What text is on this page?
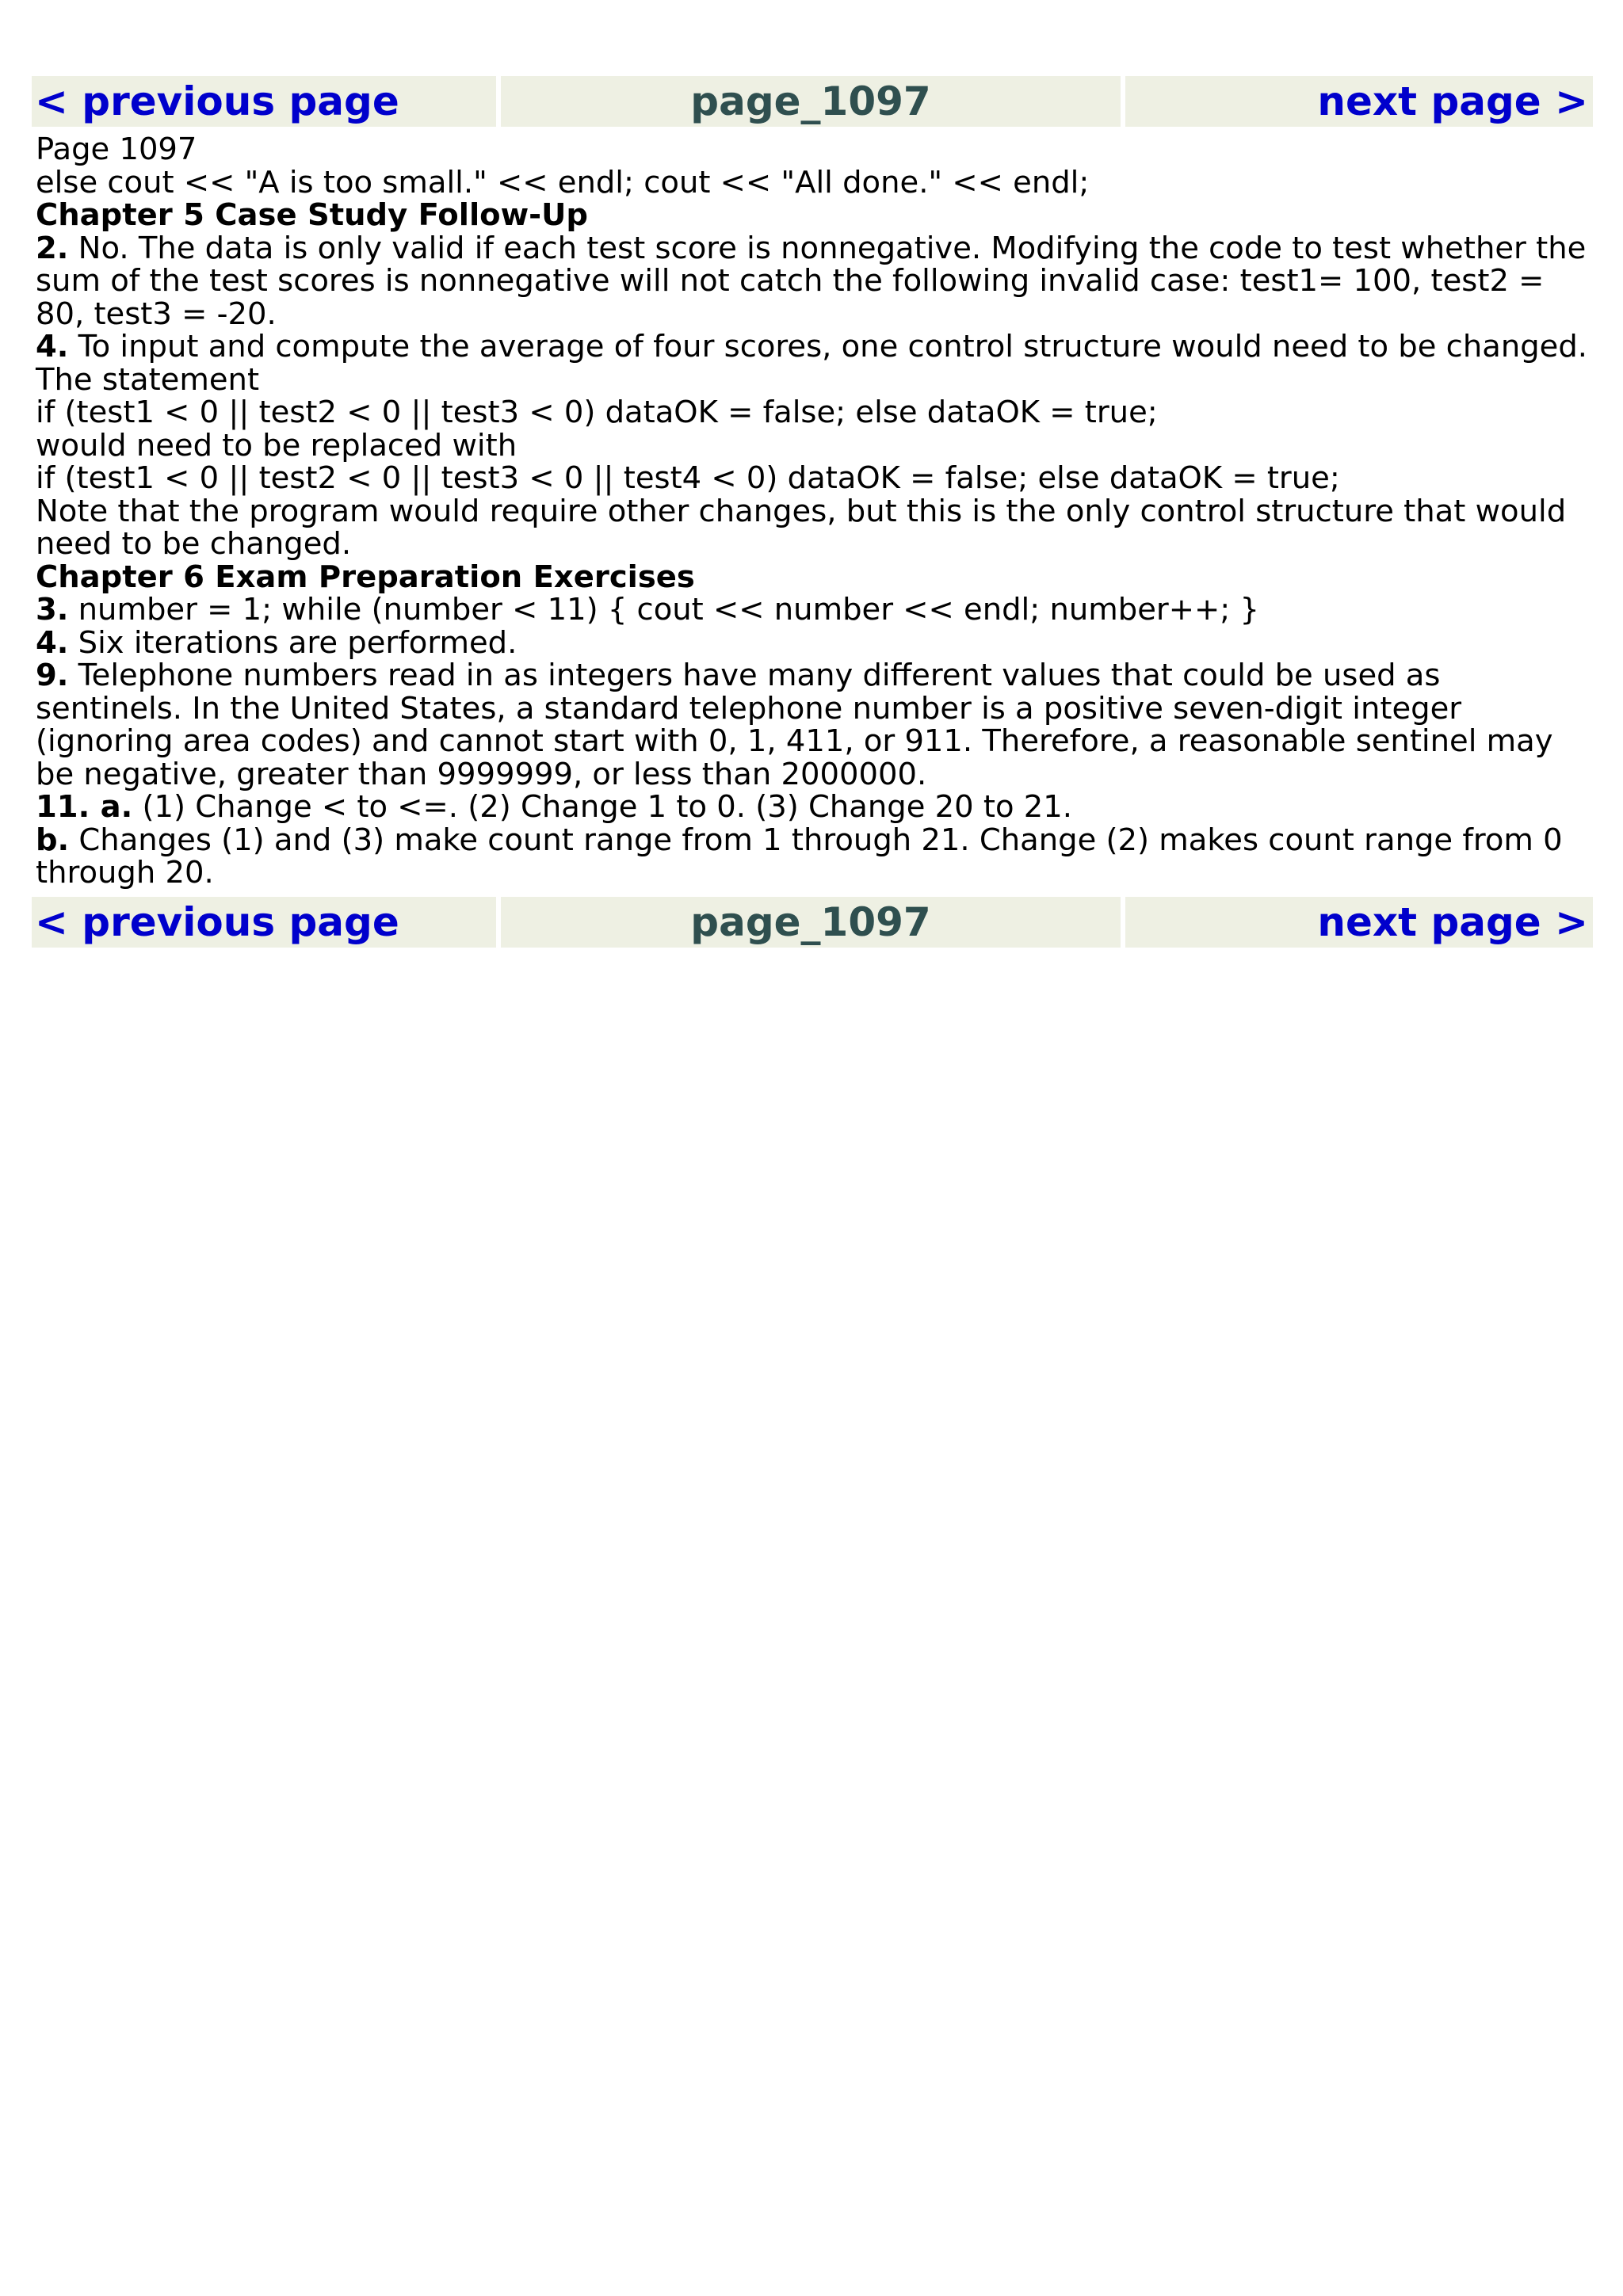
< previous page	page_1097	next page >
Page 1097
else cout << "A is too small." << endl; cout << "All done." << endl;
Chapter 5 Case Study Follow-Up
2. No. The data is only valid if each test score is nonnegative. Modifying the code to test whether the sum of the test scores is nonnegative will not catch the following invalid case: test1= 100, test2 = 80, test3 = -20.
4. To input and compute the average of four scores, one control structure would need to be changed. The statement
if (test1 < 0 || test2 < 0 || test3 < 0) dataOK = false; else dataOK = true;
would need to be replaced with
if (test1 < 0 || test2 < 0 || test3 < 0 || test4 < 0) dataOK = false; else dataOK = true;
Note that the program would require other changes, but this is the only control structure that would need to be changed.
Chapter 6 Exam Preparation Exercises
3. number = 1; while (number < 11) { cout << number << endl; number++; }
4. Six iterations are performed.
9. Telephone numbers read in as integers have many different values that could be used as sentinels. In the United States, a standard telephone number is a positive seven-digit integer (ignoring area codes) and cannot start with 0, 1, 411, or 911. Therefore, a reasonable sentinel may be negative, greater than 9999999, or less than 2000000.
11. a. (1) Change < to <=. (2) Change 1 to 0. (3) Change 20 to 21.
b. Changes (1) and (3) make count range from 1 through 21. Change (2) makes count range from 0 through 20.
< previous page	page_1097	next page >
